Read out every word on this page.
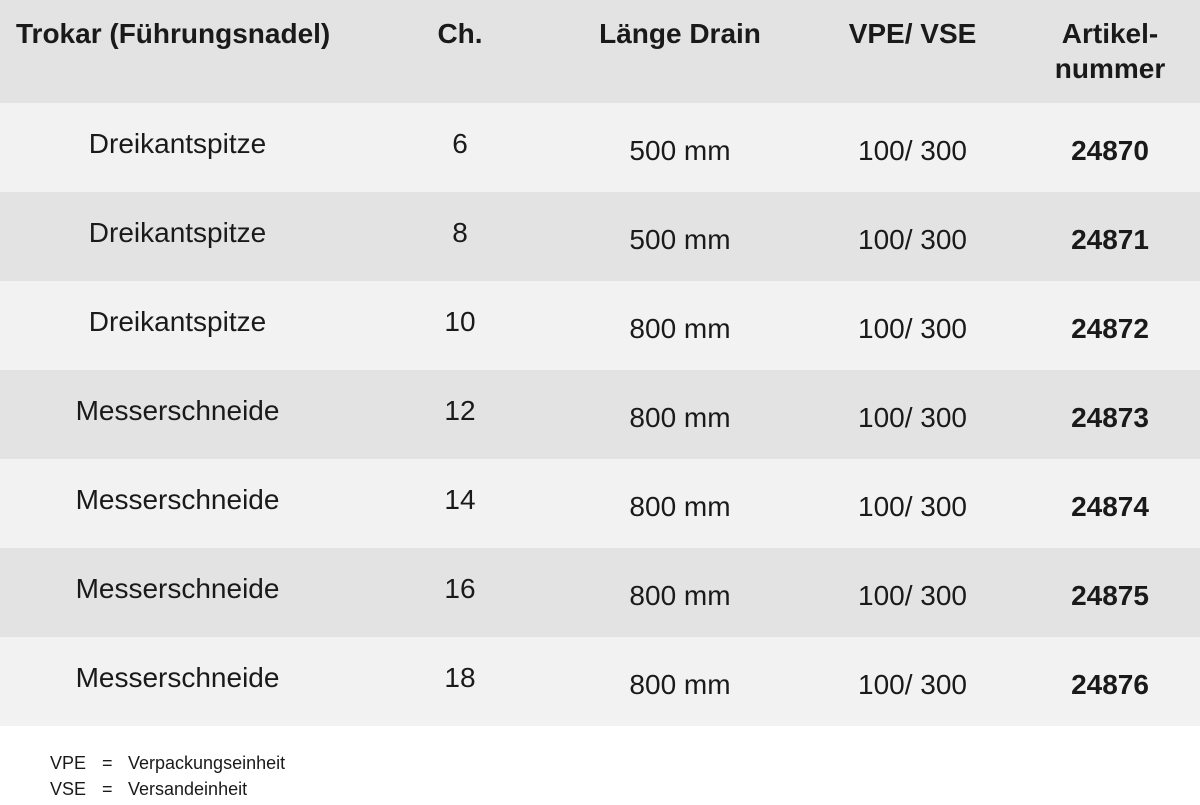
Trokar (Führungsnadel)	Ch.	Länge Drain	VPE/ VSE	Artikel-
nummer
Dreikantspitze	6	500 mm	100/ 300	24870
Dreikantspitze	8	500 mm	100/ 300	24871
Dreikantspitze	10	800 mm	100/ 300	24872
Messerschneide	12	800 mm	100/ 300	24873
Messerschneide	14	800 mm	100/ 300	24874
Messerschneide	16	800 mm	100/ 300	24875
Messerschneide	18	800 mm	100/ 300	24876
VPE = Verpackungseinheit
VSE = Versandeinheit
